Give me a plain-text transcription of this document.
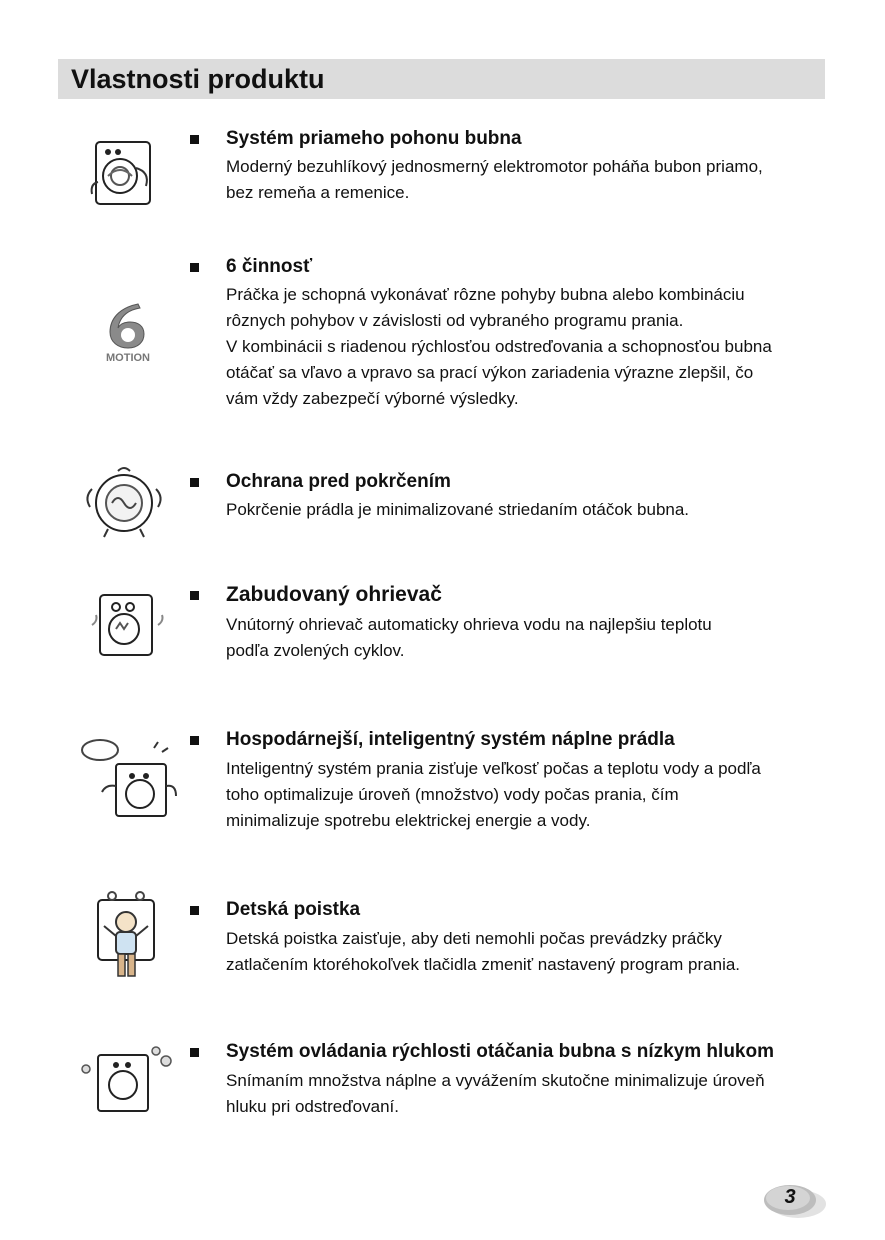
Vlastnosti produktu
Systém priameho pohonu bubna

Moderný bezuhlíkový jednosmerný elektromotor poháňa bubon priamo,

bez remeňa a remenice.

MOTION
6 činnosť

Práčka je schopná vykonávať rôzne pohyby bubna alebo kombináciu

rôznych pohybov v závislosti od vybraného programu prania.

V kombinácii s riadenou rýchlosťou odstreďovania a schopnosťou bubna

otáčať sa vľavo a vpravo sa prací výkon zariadenia výrazne zlepšil, čo

vám vždy zabezpečí výborné výsledky.

Ochrana pred pokrčením

Pokrčenie prádla je minimalizované striedaním otáčok bubna.

Zabudovaný ohrievač

Vnútorný ohrievač automaticky ohrieva vodu na najlepšiu teplotu

podľa zvolených cyklov.

Hospodárnejší, inteligentný systém náplne prádla

Inteligentný systém prania zisťuje veľkosť počas a teplotu vody a podľa

toho optimalizuje úroveň (množstvo) vody počas prania, čím

minimalizuje spotrebu elektrickej energie a vody.

Detská poistka

Detská poistka zaisťuje, aby deti nemohli počas prevádzky práčky

zatlačením ktoréhokoľvek tlačidla zmeniť nastavený program prania.

Systém ovládania rýchlosti otáčania bubna s nízkym hlukom

Snímaním množstva náplne a vyvážením skutočne minimalizuje úroveň

hluku pri odstreďovaní.

3
